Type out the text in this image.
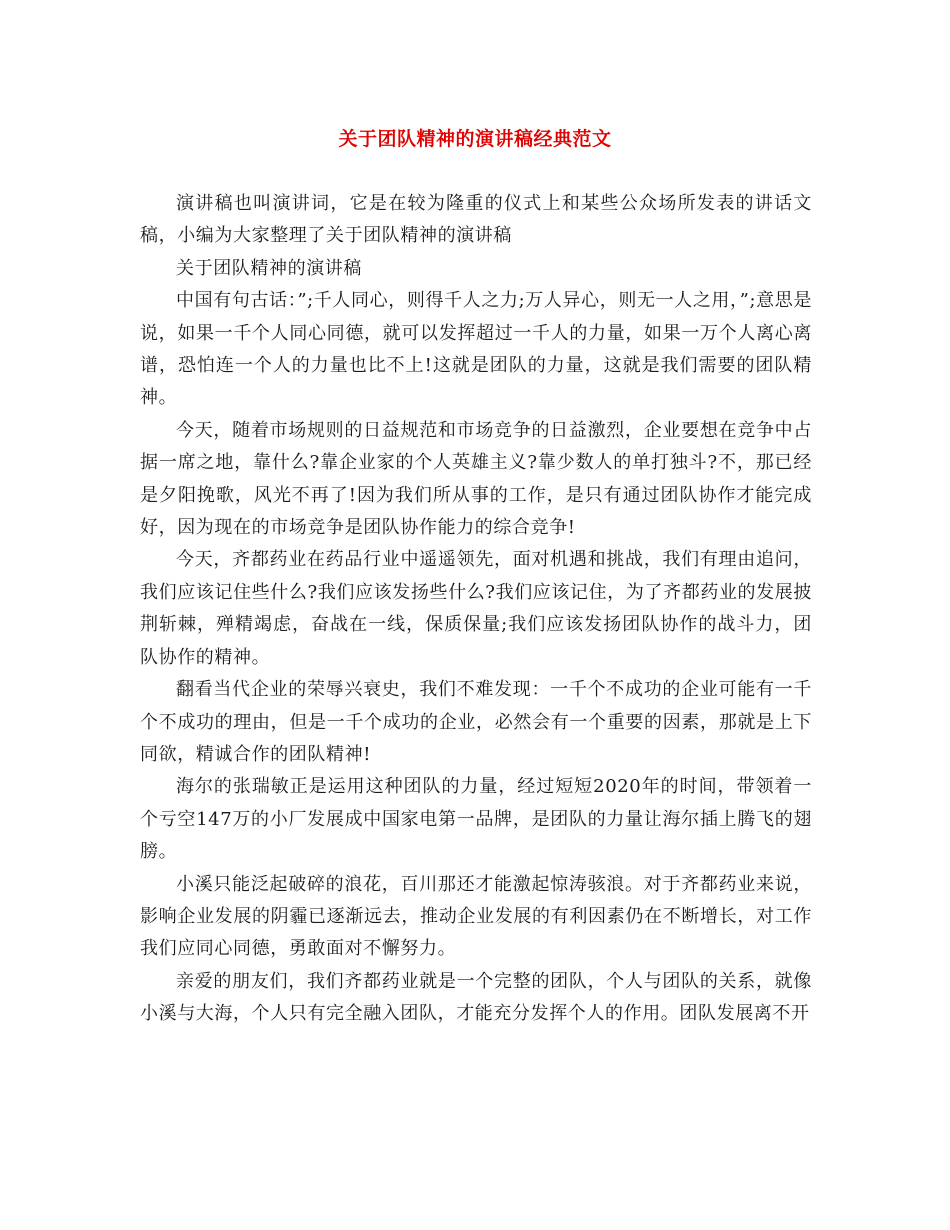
关于团队精神的演讲稿经典范文

演讲稿也叫演讲词，它是在较为隆重的仪式上和某些公众场所发表的讲话文稿，小编为大家整理了关于团队精神的演讲稿

关于团队精神的演讲稿

中国有句古话：”;千人同心，则得千人之力;万人异心，则无一人之用，”;意思是说，如果一千个人同心同德，就可以发挥超过一千人的力量，如果一万个人离心离谱，恐怕连一个人的力量也比不上!这就是团队的力量，这就是我们需要的团队精神。

今天，随着市场规则的日益规范和市场竞争的日益激烈，企业要想在竞争中占据一席之地，靠什么?靠企业家的个人英雄主义?靠少数人的单打独斗?不，那已经是夕阳挽歌，风光不再了!因为我们所从事的工作，是只有通过团队协作才能完成好，因为现在的市场竞争是团队协作能力的综合竞争!

今天，齐都药业在药品行业中遥遥领先，面对机遇和挑战，我们有理由追问，我们应该记住些什么?我们应该发扬些什么?我们应该记住，为了齐都药业的发展披荆斩棘，殚精竭虑，奋战在一线，保质保量;我们应该发扬团队协作的战斗力，团队协作的精神。

翻看当代企业的荣辱兴衰史，我们不难发现：一千个不成功的企业可能有一千个不成功的理由，但是一千个成功的企业，必然会有一个重要的因素，那就是上下同欲，精诚合作的团队精神!

海尔的张瑞敏正是运用这种团队的力量，经过短短2020年的时间，带领着一个亏空147万的小厂发展成中国家电第一品牌，是团队的力量让海尔插上腾飞的翅膀。

小溪只能泛起破碎的浪花，百川那还才能激起惊涛骇浪。对于齐都药业来说，影响企业发展的阴霾已逐渐远去，推动企业发展的有利因素仍在不断增长，对工作我们应同心同德，勇敢面对不懈努力。

亲爱的朋友们，我们齐都药业就是一个完整的团队，个人与团队的关系，就像小溪与大海，个人只有完全融入团队，才能充分发挥个人的作用。团队发展离不开
